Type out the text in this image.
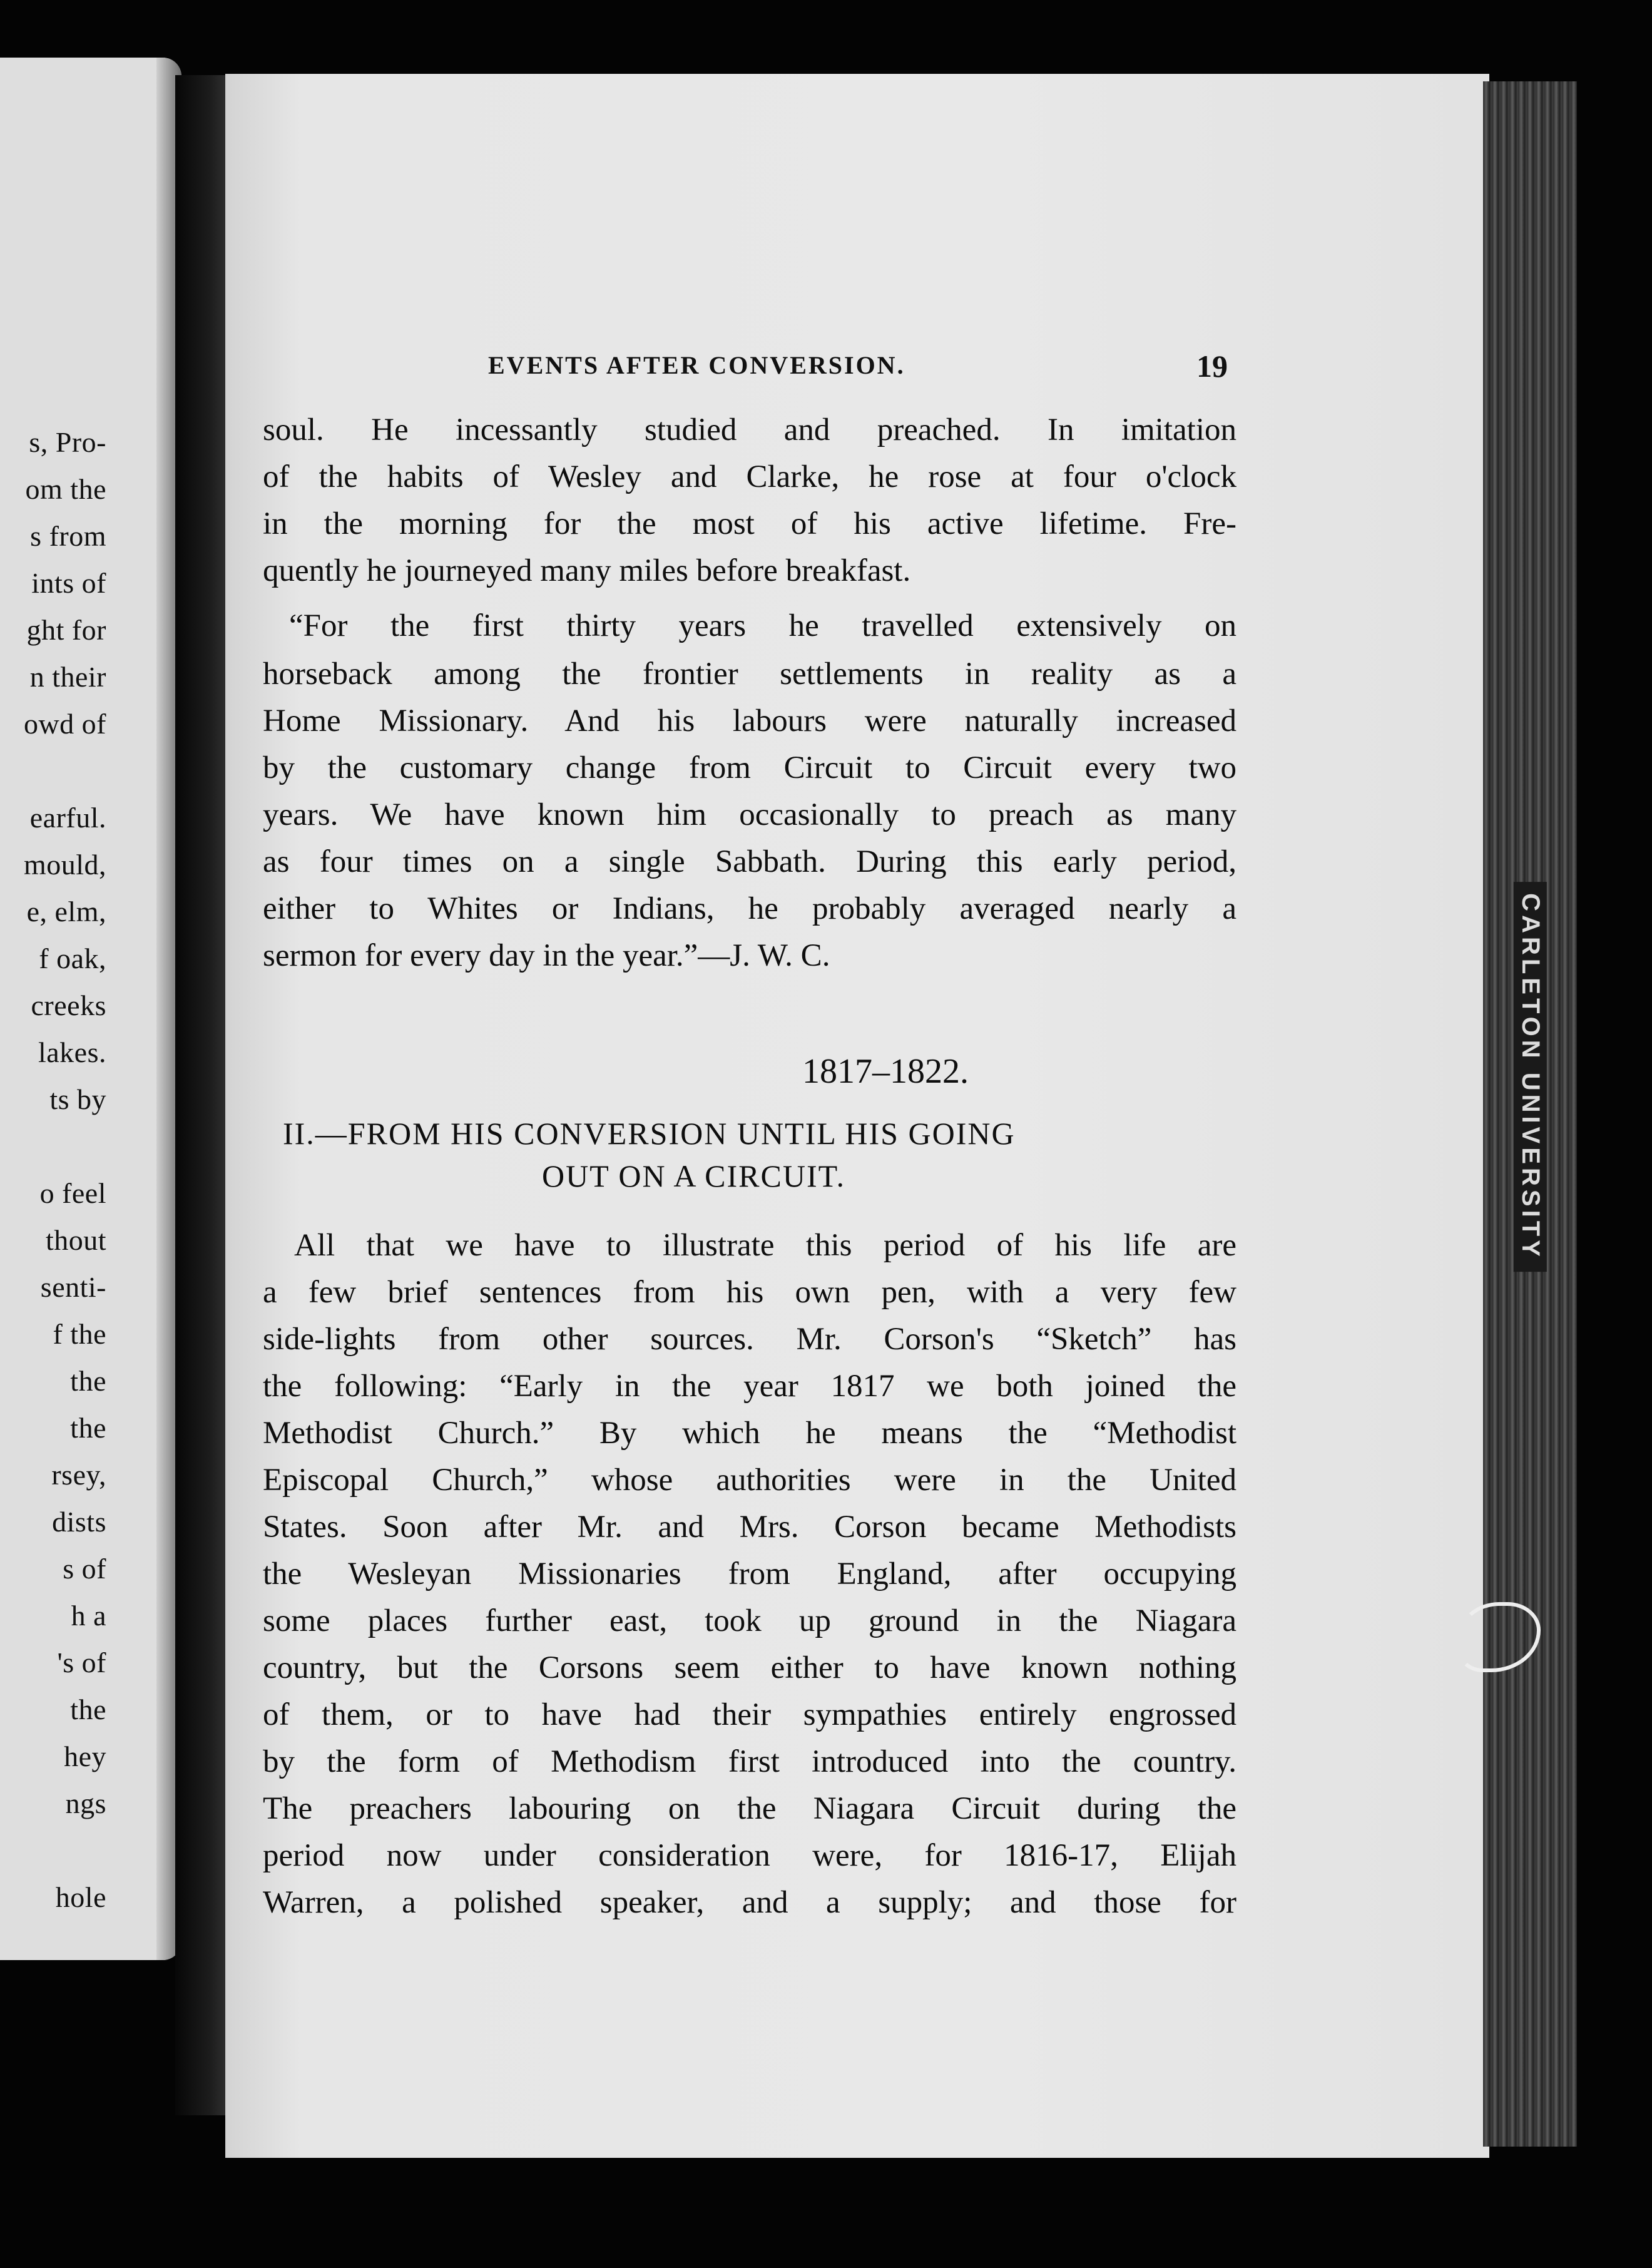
s, Pro-
om the
s from
ints of
ght for
n their
owd of
earful.
mould,
e, elm,
f oak,
creeks
lakes.
ts by
o feel
thout
senti-
f the
the
the
rsey,
dists
s of
h a
's of
the
hey
ngs
hole
CARLETON UNIVERSITY
EVENTS AFTER CONVERSION.	19
soul. He incessantly studied and preached. In imitation
of the habits of Wesley and Clarke, he rose at four o'clock
in the morning for the most of his active lifetime. Fre-
quently he journeyed many miles before breakfast.
“For the first thirty years he travelled extensively on
horseback among the frontier settlements in reality as a
Home Missionary. And his labours were naturally increased
by the customary change from Circuit to Circuit every two
years. We have known him occasionally to preach as many
as four times on a single Sabbath. During this early period,
either to Whites or Indians, he probably averaged nearly a
sermon for every day in the year.”—J. W. C.
1817–1822.
II.—FROM HIS CONVERSION UNTIL HIS GOING
OUT ON A CIRCUIT.
All that we have to illustrate this period of his life are
a few brief sentences from his own pen, with a very few
side-lights from other sources. Mr. Corson's “Sketch” has
the following: “Early in the year 1817 we both joined the
Methodist Church.” By which he means the “Methodist
Episcopal Church,” whose authorities were in the United
States. Soon after Mr. and Mrs. Corson became Methodists
the Wesleyan Missionaries from England, after occupying
some places further east, took up ground in the Niagara
country, but the Corsons seem either to have known nothing
of them, or to have had their sympathies entirely engrossed
by the form of Methodism first introduced into the country.
The preachers labouring on the Niagara Circuit during the
period now under consideration were, for 1816-17, Elijah
Warren, a polished speaker, and a supply; and those for
